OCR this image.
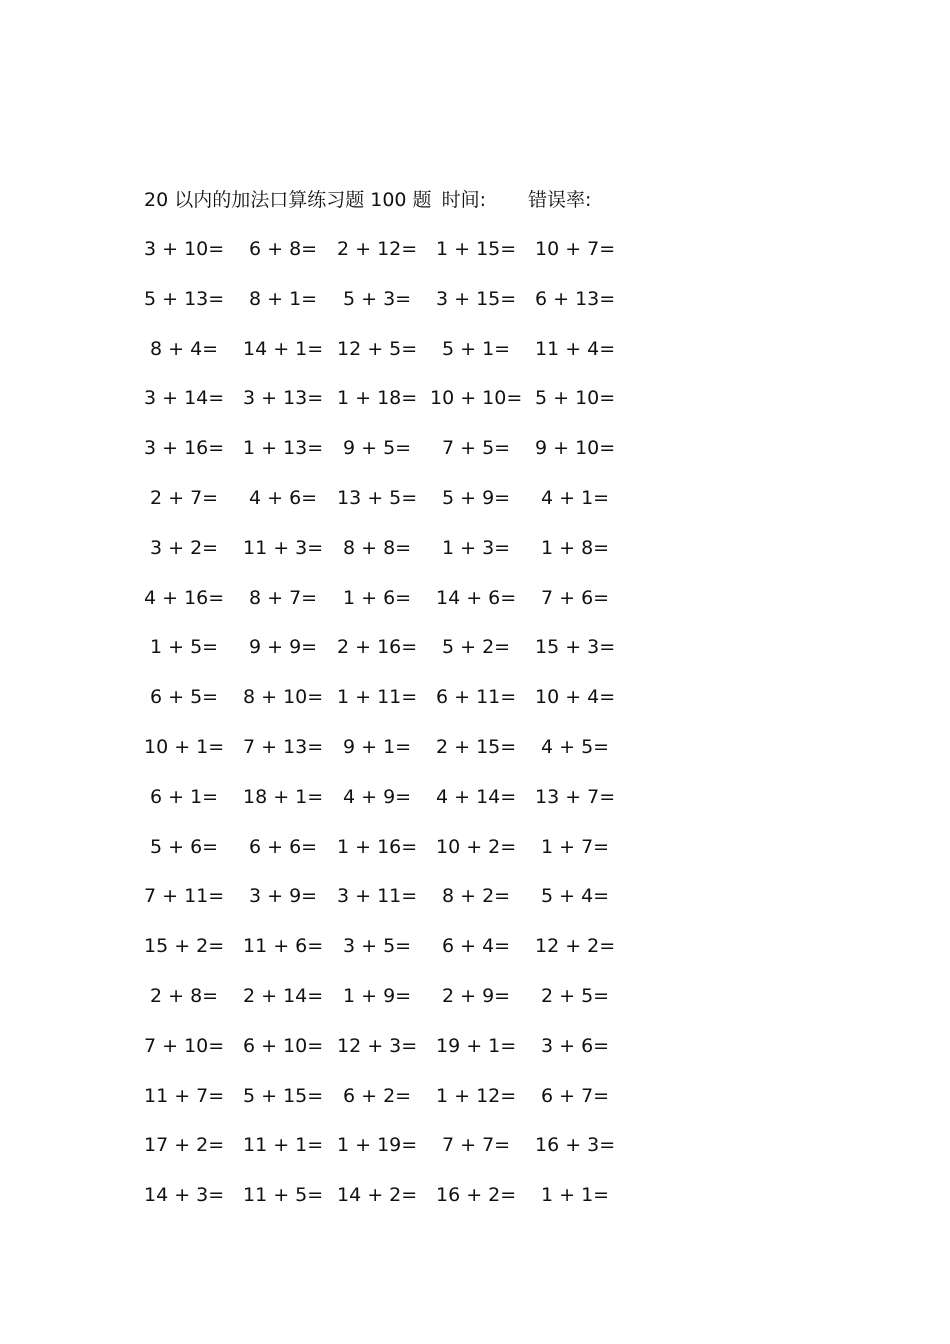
20 以内的加法口算练习题 100 题 时间: 错误率:
3 + 10= 6 + 8= 2 + 12= 1 + 15= 10 + 7=
5 + 13= 8 + 1= 5 + 3= 3 + 15= 6 + 13=
8 + 4= 14 + 1= 12 + 5= 5 + 1= 11 + 4=
3 + 14= 3 + 13= 1 + 18= 10 + 10= 5 + 10=
3 + 16= 1 + 13= 9 + 5= 7 + 5= 9 + 10=
2 + 7= 4 + 6= 13 + 5= 5 + 9= 4 + 1=
3 + 2= 11 + 3= 8 + 8= 1 + 3= 1 + 8=
4 + 16= 8 + 7= 1 + 6= 14 + 6= 7 + 6=
1 + 5= 9 + 9= 2 + 16= 5 + 2= 15 + 3=
6 + 5= 8 + 10= 1 + 11= 6 + 11= 10 + 4=
10 + 1= 7 + 13= 9 + 1= 2 + 15= 4 + 5=
6 + 1= 18 + 1= 4 + 9= 4 + 14= 13 + 7=
5 + 6= 6 + 6= 1 + 16= 10 + 2= 1 + 7=
7 + 11= 3 + 9= 3 + 11= 8 + 2= 5 + 4=
15 + 2= 11 + 6= 3 + 5= 6 + 4= 12 + 2=
2 + 8= 2 + 14= 1 + 9= 2 + 9= 2 + 5=
7 + 10= 6 + 10= 12 + 3= 19 + 1= 3 + 6=
11 + 7= 5 + 15= 6 + 2= 1 + 12= 6 + 7=
17 + 2= 11 + 1= 1 + 19= 7 + 7= 16 + 3=
14 + 3= 11 + 5= 14 + 2= 16 + 2= 1 + 1=
